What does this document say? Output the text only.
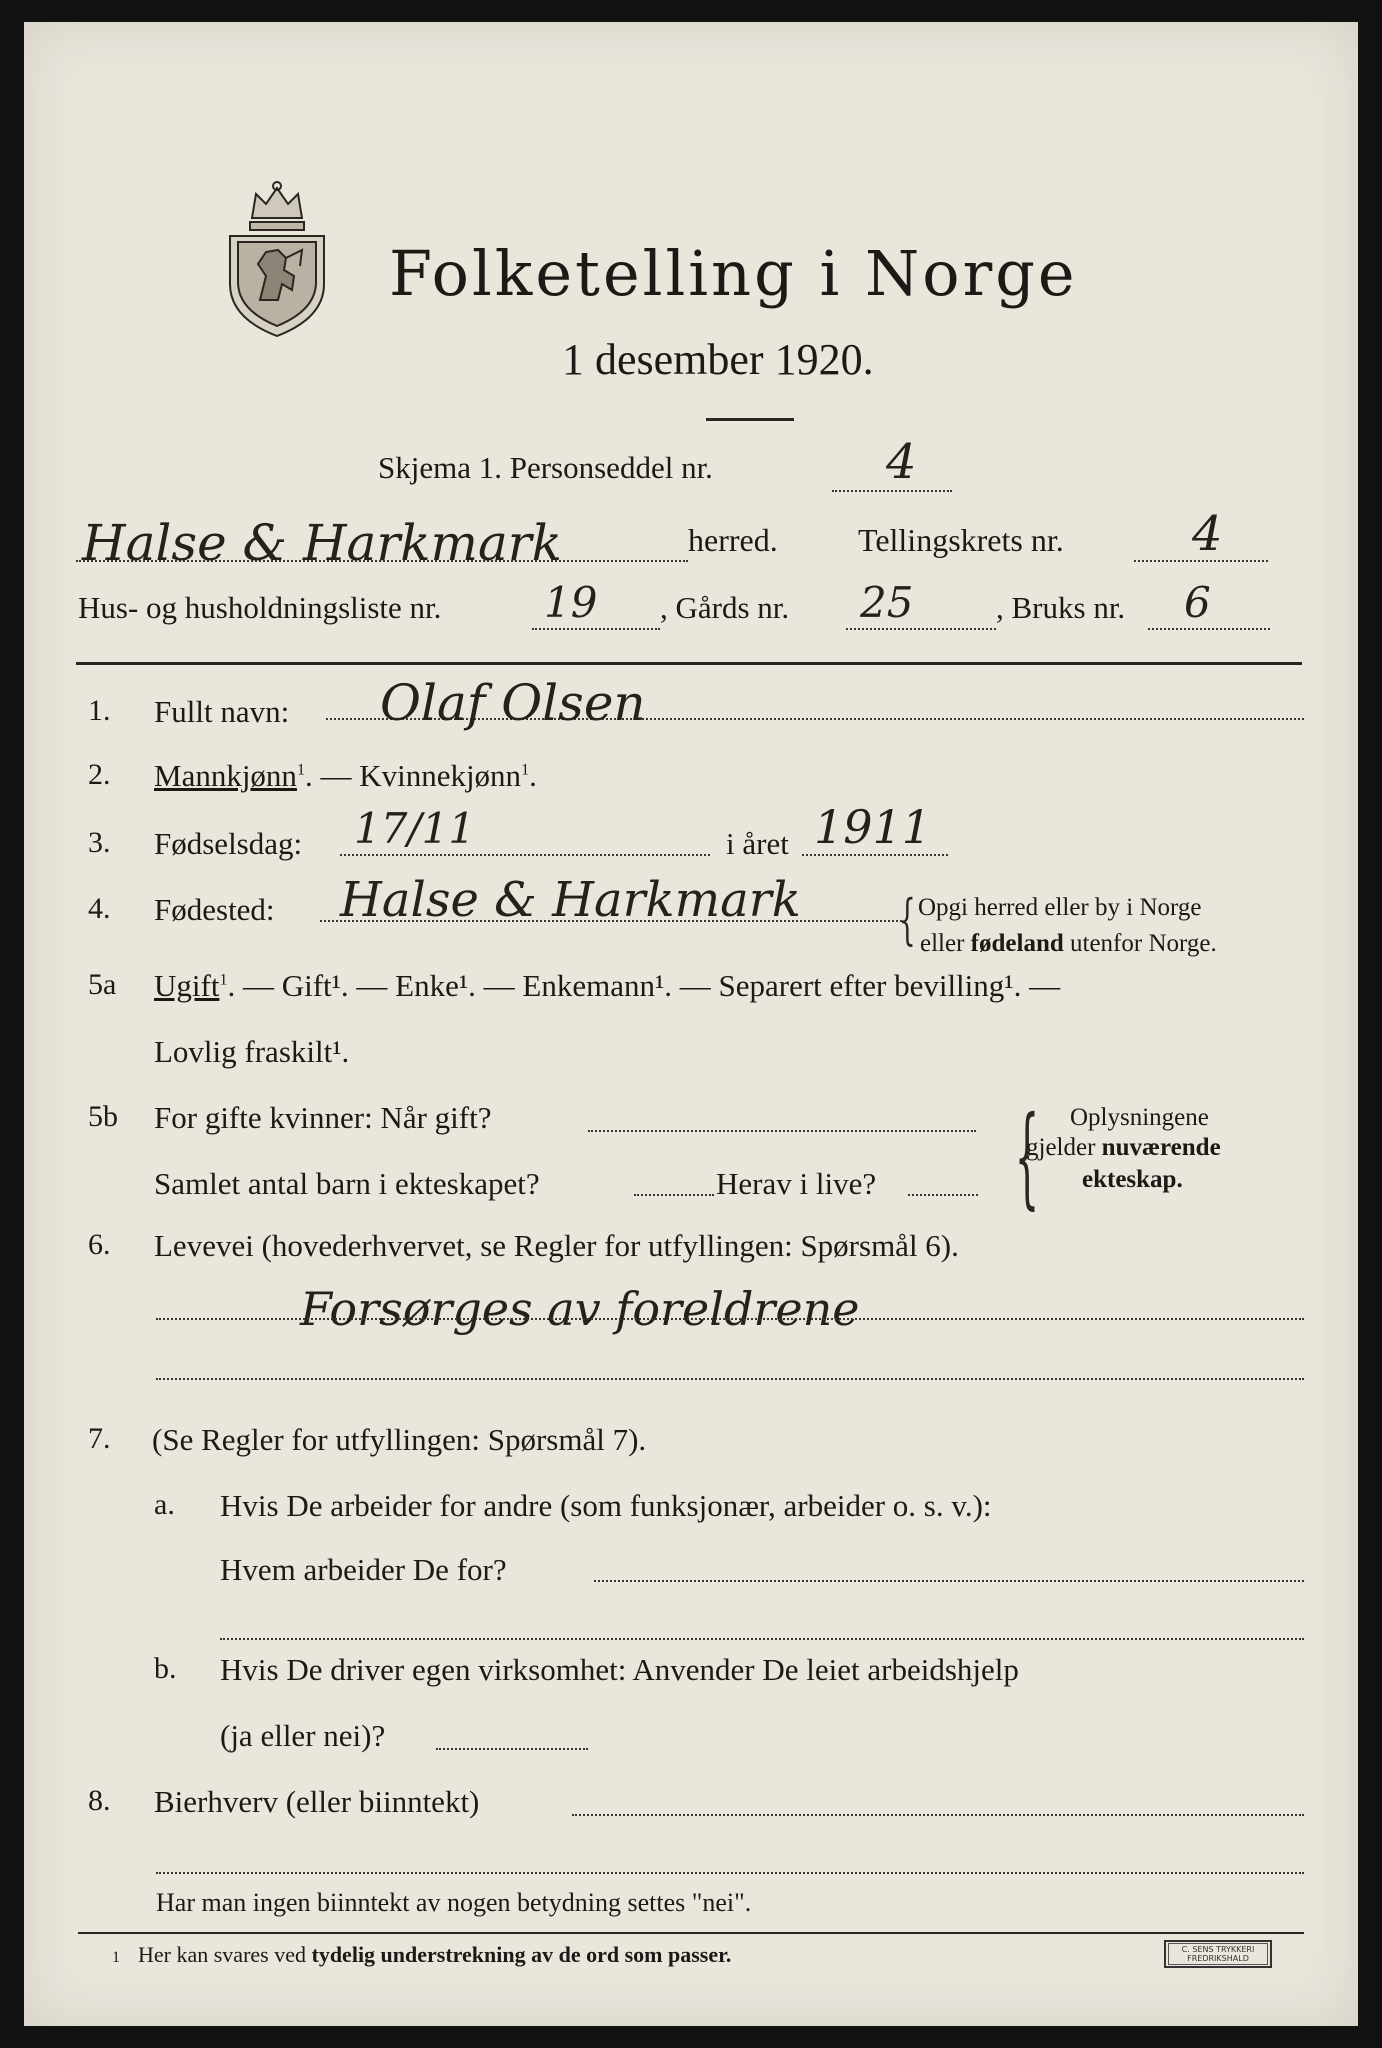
Folketelling i Norge
1 desember 1920.
Skjema 1. Personseddel nr.	4
Halse & Harkmark	herred.	Tellingskrets nr.	4
Hus- og husholdningsliste nr. 19 , Gårds nr. 25	, Bruks nr. 6
1. Fullt navn: Olaf Olsen
2. Mannkjønn$^1$. — Kvinnekjønn$^1$.
3. Fødselsdag: 17/11	i året 1911
4. Fødested: Halse & Harkmark { Opgi herred eller by i Norge
eller fødeland utenfor Norge.
5a Ugift$^1$. — Gift¹. — Enke¹. — Enkemann¹. — Separert efter bevilling¹. —
Lovlig fraskilt¹.
5b For gifte kvinner: Når gift?
Samlet antal barn i ekteskapet?	Herav i live? { Oplysningene
gjelder nuværende
ekteskap.
6. Levevei (hovederhvervet, se Regler for utfyllingen: Spørsmål 6).
Forsørges av foreldrene
7. (Se Regler for utfyllingen: Spørsmål 7).
a. Hvis De arbeider for andre (som funksjonær, arbeider o. s. v.):
Hvem arbeider De for?
b. Hvis De driver egen virksomhet: Anvender De leiet arbeidshjelp
(ja eller nei)?
8. Bierhverv (eller biinntekt)
Har man ingen biinntekt av nogen betydning settes "nei".
1 Her kan svares ved tydelig understrekning av de ord som passer.	C. SENS TRYKKERI
FREDRIKSHALD
